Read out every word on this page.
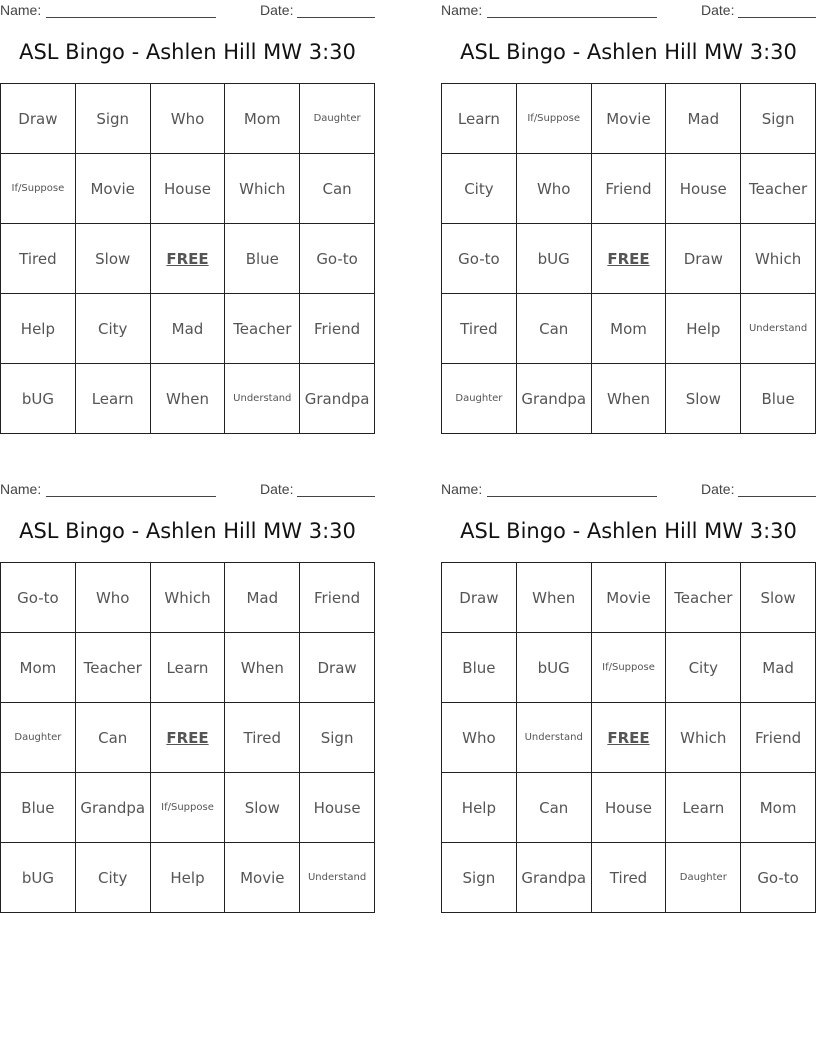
Name:	Date:
ASL Bingo - Ashlen Hill MW 3:30
Draw	Sign	Who	Mom	Daughter
If/Suppose	Movie	House	Which	Can
Tired	Slow	FREE	Blue	Go-to
Help	City	Mad	Teacher	Friend
bUG	Learn	When	Understand	Grandpa
Name:	Date:
ASL Bingo - Ashlen Hill MW 3:30
Learn	If/Suppose	Movie	Mad	Sign
City	Who	Friend	House	Teacher
Go-to	bUG	FREE	Draw	Which
Tired	Can	Mom	Help	Understand
Daughter	Grandpa	When	Slow	Blue
Name:	Date:
ASL Bingo - Ashlen Hill MW 3:30
Go-to	Who	Which	Mad	Friend
Mom	Teacher	Learn	When	Draw
Daughter	Can	FREE	Tired	Sign
Blue	Grandpa	If/Suppose	Slow	House
bUG	City	Help	Movie	Understand
Name:	Date:
ASL Bingo - Ashlen Hill MW 3:30
Draw	When	Movie	Teacher	Slow
Blue	bUG	If/Suppose	City	Mad
Who	Understand	FREE	Which	Friend
Help	Can	House	Learn	Mom
Sign	Grandpa	Tired	Daughter	Go-to
